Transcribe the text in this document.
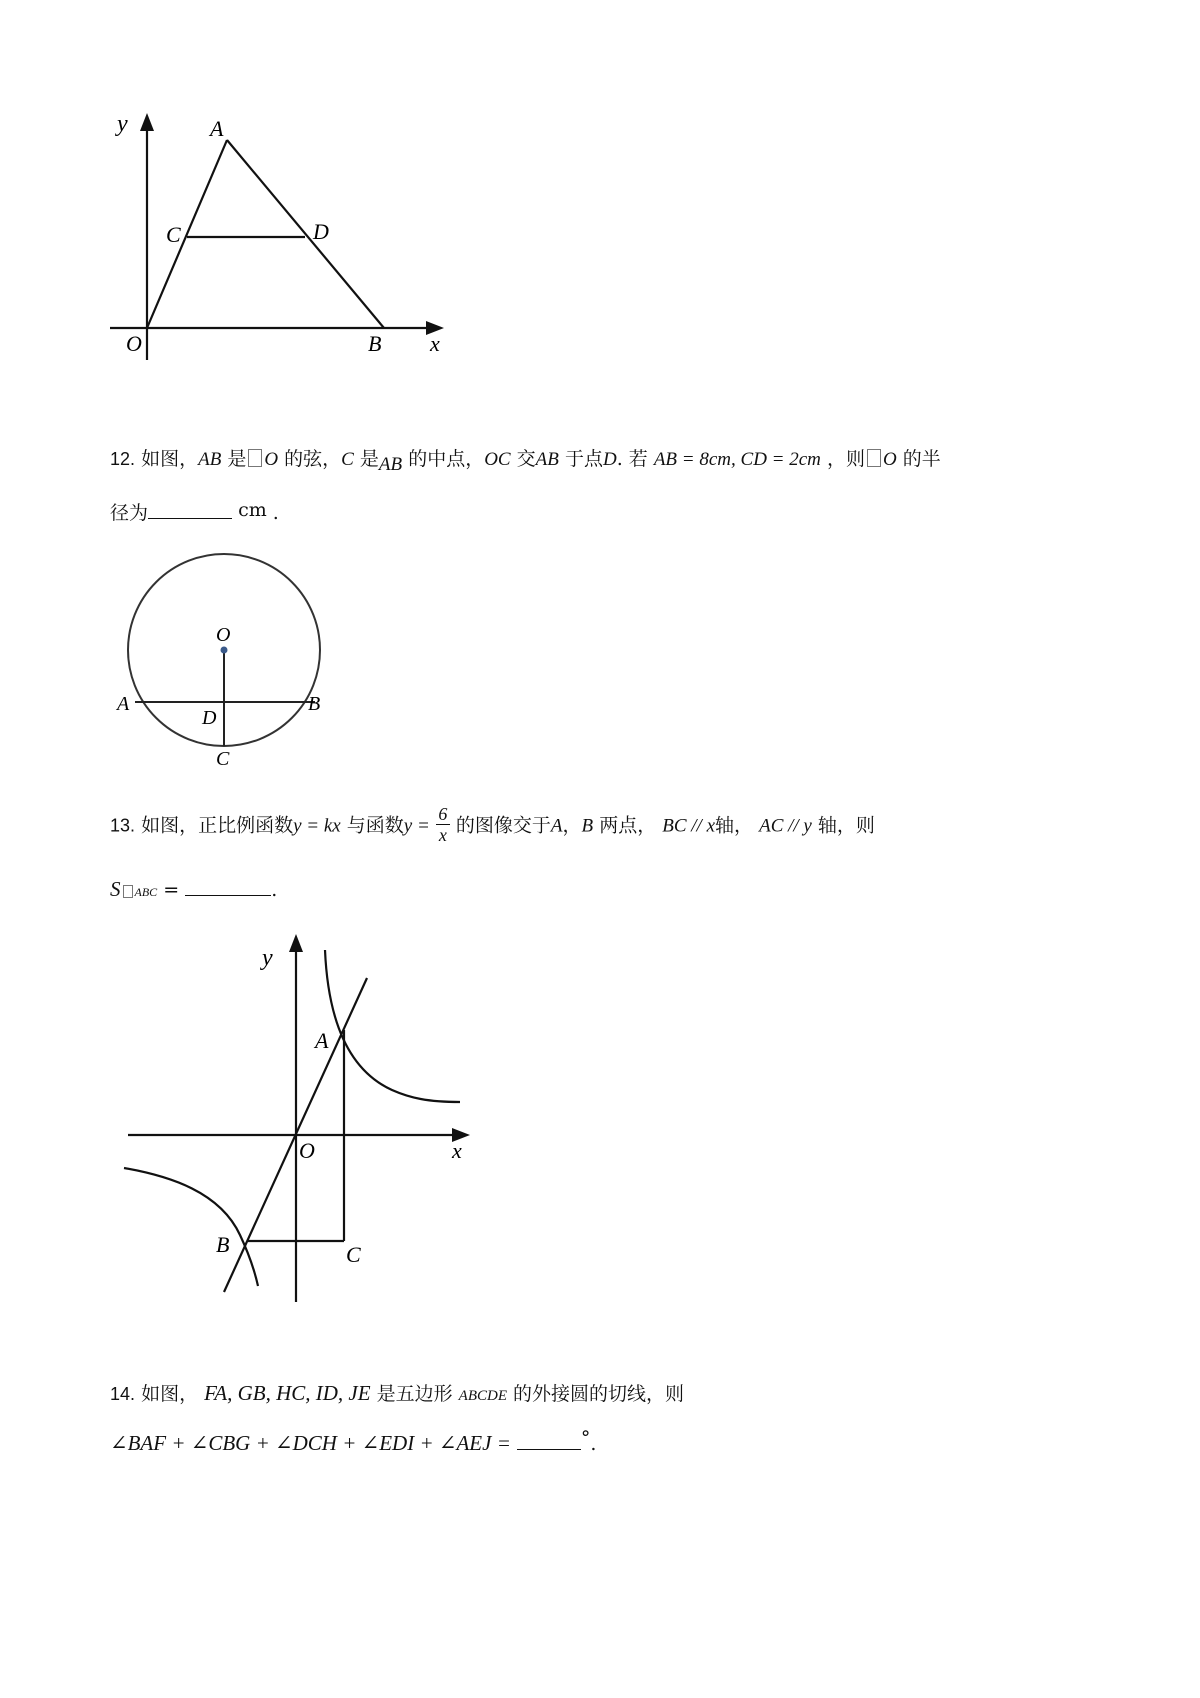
y	A
C	D
O	B x
12. 如图，AB 是 O 的弦，C 是AB 的中点，OC 交AB 于点D. 若 AB = 8cm, CD = 2cm ，则 O 的半
径为	cm .
O
A	B
D
C
13. 如图，正比例函数y = kx 与函数$y = \frac{6}{x}$ 的图像交于A，B 两点， BC // x轴， AC // y 轴，则
S ABC =	.
y
A
O	x
B	C
14. 如图， FA, GB, HC, ID, JE 是五边形 ABCDE 的外接圆的切线，则
∠BAF + ∠CBG + ∠DCH + ∠EDI + ∠AEJ =	°.
